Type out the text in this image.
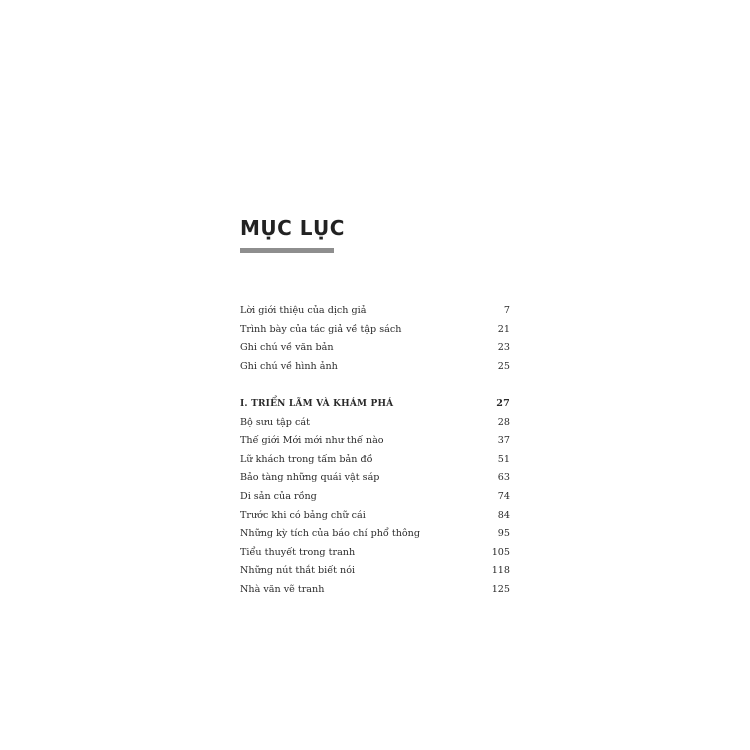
MỤC LỤC
Lời giới thiệu của dịch giả	7
Trình bày của tác giả về tập sách	21
Ghi chú về văn bản	23
Ghi chú về hình ảnh	25
I. TRIỂN LÃM VÀ KHÁM PHÁ	27
Bộ sưu tập cát	28
Thế giới Mới mới như thế nào	37
Lữ khách trong tấm bản đồ	51
Bảo tàng những quái vật sáp	63
Di sản của rồng	74
Trước khi có bảng chữ cái	84
Những kỳ tích của báo chí phổ thông	95
Tiểu thuyết trong tranh	105
Những nút thắt biết nói	118
Nhà văn vẽ tranh	125
